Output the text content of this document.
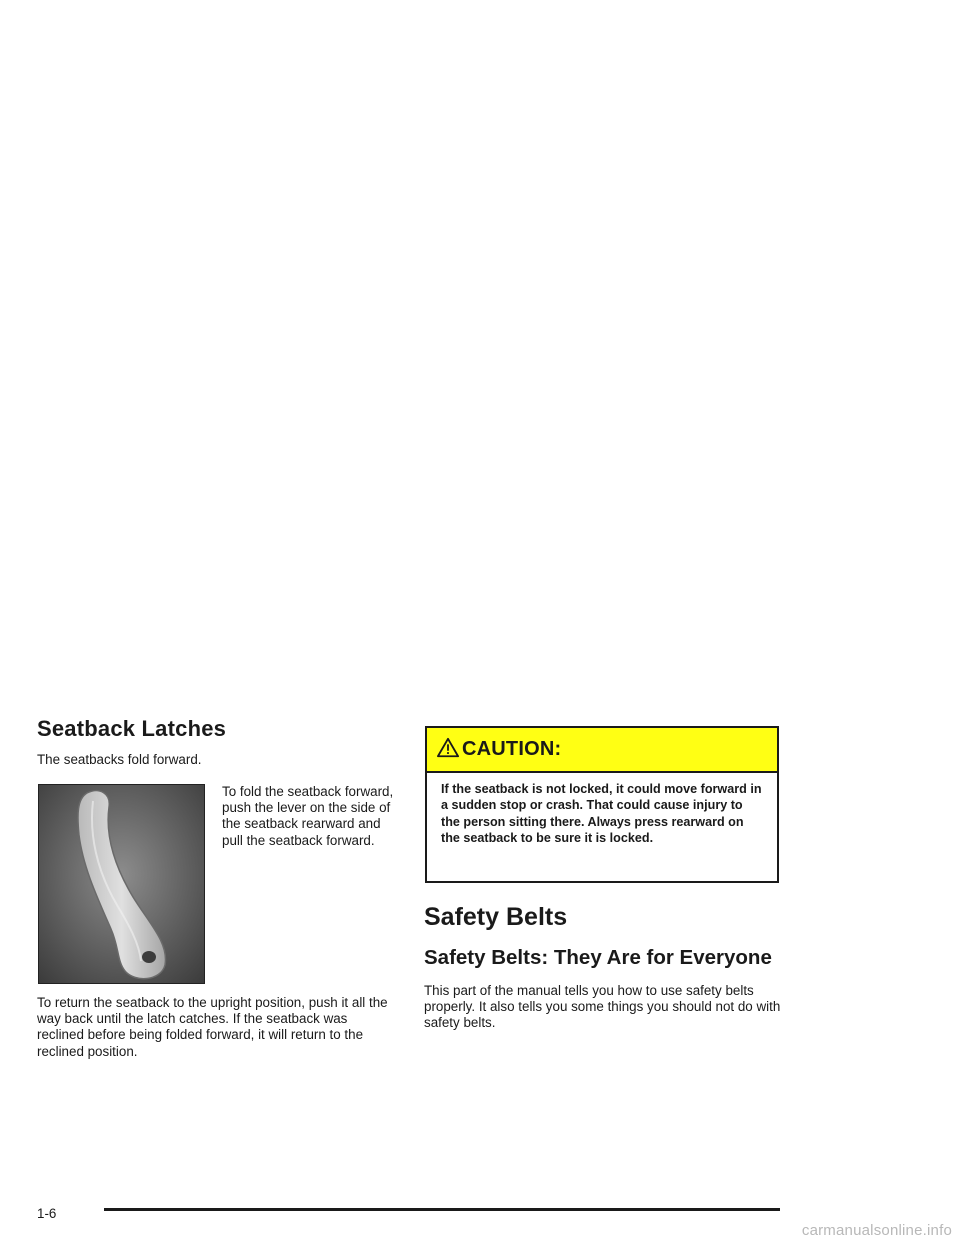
Seatback Latches

The seatbacks fold forward.

To fold the seatback forward, push the lever on the side of the seatback rearward and pull the seatback forward.

To return the seatback to the upright position, push it all the way back until the latch catches. If the seatback was reclined before being folded forward, it will return to the reclined position.

CAUTION:

If the seatback is not locked, it could move forward in a sudden stop or crash. That could cause injury to the person sitting there. Always press rearward on the seatback to be sure it is locked.

Safety Belts
Safety Belts: They Are for Everyone

This part of the manual tells you how to use safety belts properly. It also tells you some things you should not do with safety belts.

1-6
carmanualsonline.info
